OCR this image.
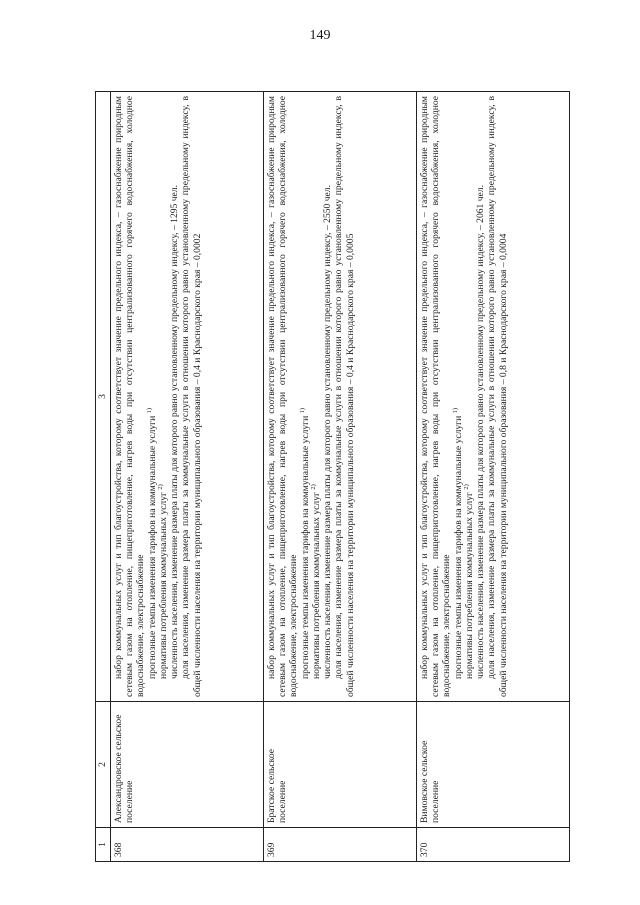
149
1	2	3
368	Александровское сельское поселение	набор коммунальных услуг и тип благоустройства, которому соответствует значение предельного индекса, – газоснабжение природным сетевым газом на отопление, пищеприготовление, нагрев воды при отсутствии централизованного горячего водоснабжения, холодное водоснабжение, электроснабжение прогнозные темпы изменения тарифов на коммунальные услуги $^{1)}$

нормативы потребления коммунальных услуг $^{2)}$ численность населения, изменение размера платы для которого равно установленному предельному индексу, – 1295 чел. доля населения, изменение размера платы за коммунальные услуги в отношении которого равно установленному предельному индексу, в общей численности населения на территории муниципального образования – 0,4 и Краснодарского края – 0,0002

369	Братское сельское поселение	набор коммунальных услуг и тип благоустройства, которому соответствует значение предельного индекса, – газоснабжение природным сетевым газом на отопление, пищеприготовление, нагрев воды при отсутствии централизованного горячего водоснабжения, холодное водоснабжение, электроснабжение прогнозные темпы изменения тарифов на коммунальные услуги $^{1)}$

нормативы потребления коммунальных услуг $^{2)}$ численность населения, изменение размера платы для которого равно установленному предельному индексу, – 2550 чел. доля населения, изменение размера платы за коммунальные услуги в отношении которого равно установленному предельному индексу, в общей численности населения на территории муниципального образования – 0,4 и Краснодарского края – 0,0005

370	Вимовское сельское поселение	набор коммунальных услуг и тип благоустройства, которому соответствует значение предельного индекса, – газоснабжение природным сетевым газом на отопление, пищеприготовление, нагрев воды при отсутствии централизованного горячего водоснабжения, холодное водоснабжение, электроснабжение прогнозные темпы изменения тарифов на коммунальные услуги $^{1)}$

нормативы потребления коммунальных услуг $^{2)}$ численность населения, изменение размера платы для которого равно установленному предельному индексу, – 2061 чел. доля населения, изменение размера платы за коммунальные услуги в отношении которого равно установленному предельному индексу, в общей численности населения на территории муниципального образования – 0,8 и Краснодарского края – 0,0004
